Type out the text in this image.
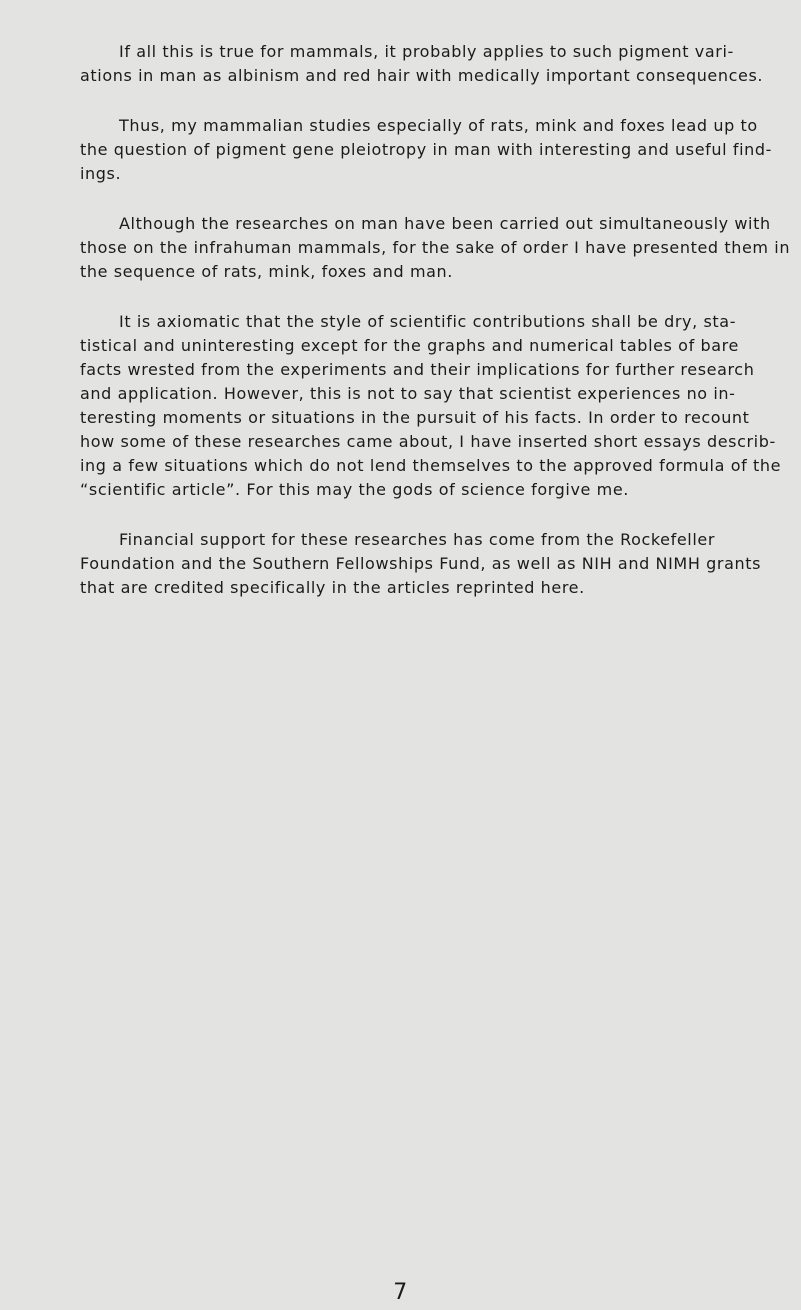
If all this is true for mammals, it probably applies to such pigment vari-
ations in man as albinism and red hair with medically important consequences.

Thus, my mammalian studies especially of rats, mink and foxes lead up to
the question of pigment gene pleiotropy in man with interesting and useful find-
ings.

Although the researches on man have been carried out simultaneously with
those on the infrahuman mammals, for the sake of order I have presented them in
the sequence of rats, mink, foxes and man.

It is axiomatic that the style of scientific contributions shall be dry, sta-
tistical and uninteresting except for the graphs and numerical tables of bare
facts wrested from the experiments and their implications for further research
and application. However, this is not to say that scientist experiences no in-
teresting moments or situations in the pursuit of his facts. In order to recount
how some of these researches came about, I have inserted short essays describ-
ing a few situations which do not lend themselves to the approved formula of the
“scientific article”. For this may the gods of science forgive me.

Financial support for these researches has come from the Rockefeller
Foundation and the Southern Fellowships Fund, as well as NIH and NIMH grants
that are credited specifically in the articles reprinted here.

7
